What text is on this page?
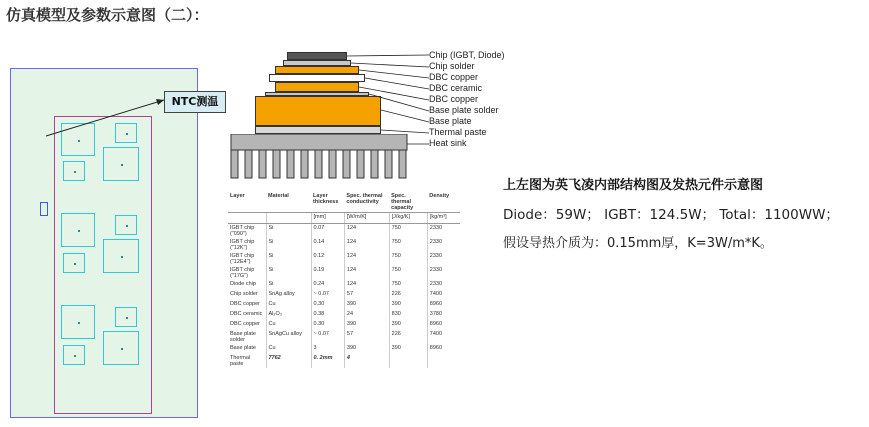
仿真模型及参数示意图（二）：
NTC测温
Chip (IGBT, Diode)
Chip solder
DBC copper
DBC ceramic
DBC copper
Base plate solder
Base plate
Thermal paste
Heat sink
Layer	Material	Layer thickness	Spec. thermal conductivity	Spec. thermal capacity	Density
		[mm]	[W/m/K]	[J/kg/K]	[kg/m³]
IGBT chip ("090")	Si	0.07	124	750	2330
IGBT chip ("12K")	Si	0.14	124	750	2330
IGBT chip ("12E4")	Si	0.12	124	750	2330
IGBT chip ("17G")	Si	0.19	124	750	2330
Diode chip	Si	0.24	124	750	2330
Chip solder	SnAg alloy	~ 0.07	57	226	7400
DBC copper	Cu	0.30	390	390	8960
DBC ceramic	Al₂O₃	0.38	24	830	3780
DBC copper	Cu	0.30	390	390	8960
Base plate solder	SnAgCu alloy	~ 0.07	57	226	7400
Base plate	Cu	3	390	390	8960
Thermal paste	7762	0. 2mm	4		
上左图为英飞凌内部结构图及发热元件示意图
Diode：59W； IGBT：124.5W； Total：1100WW；
假设导热介质为：0.15mm厚，K=3W/m*K。
